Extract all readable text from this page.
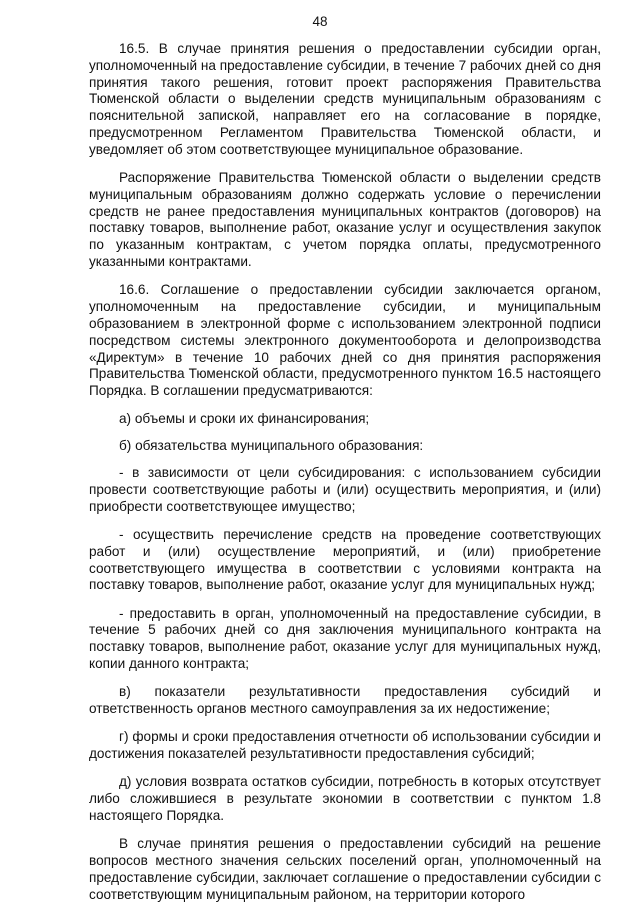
48

16.5. В случае принятия решения о предоставлении субсидии орган, уполномоченный на предоставление субсидии, в течение 7 рабочих дней со дня принятия такого решения, готовит проект распоряжения Правительства Тюменской области о выделении средств муниципальным образованиям с пояснительной запиской, направляет его на согласование в порядке, предусмотренном Регламентом Правительства Тюменской области, и уведомляет об этом соответствующее муниципальное образование.

Распоряжение Правительства Тюменской области о выделении средств муниципальным образованиям должно содержать условие о перечислении средств не ранее предоставления муниципальных контрактов (договоров) на поставку товаров, выполнение работ, оказание услуг и осуществления закупок по указанным контрактам, с учетом порядка оплаты, предусмотренного указанными контрактами.

16.6. Соглашение о предоставлении субсидии заключается органом, уполномоченным на предоставление субсидии, и муниципальным образованием в электронной форме с использованием электронной подписи посредством системы электронного документооборота и делопроизводства «Директум» в течение 10 рабочих дней со дня принятия распоряжения Правительства Тюменской области, предусмотренного пунктом 16.5 настоящего Порядка. В соглашении предусматриваются:

а) объемы и сроки их финансирования;

б) обязательства муниципального образования:

- в зависимости от цели субсидирования: с использованием субсидии провести соответствующие работы и (или) осуществить мероприятия, и (или) приобрести соответствующее имущество;

- осуществить перечисление средств на проведение соответствующих работ и (или) осуществление мероприятий, и (или) приобретение соответствующего имущества в соответствии с условиями контракта на поставку товаров, выполнение работ, оказание услуг для муниципальных нужд;

- предоставить в орган, уполномоченный на предоставление субсидии, в течение 5 рабочих дней со дня заключения муниципального контракта на поставку товаров, выполнение работ, оказание услуг для муниципальных нужд, копии данного контракта;

в) показатели результативности предоставления субсидий и ответственность органов местного самоуправления за их недостижение;

г) формы и сроки предоставления отчетности об использовании субсидии и достижения показателей результативности предоставления субсидий;

д) условия возврата остатков субсидии, потребность в которых отсутствует либо сложившиеся в результате экономии в соответствии с пунктом 1.8 настоящего Порядка.

В случае принятия решения о предоставлении субсидий на решение вопросов местного значения сельских поселений орган, уполномоченный на предоставление субсидии, заключает соглашение о предоставлении субсидии с соответствующим муниципальным районом, на территории которого
